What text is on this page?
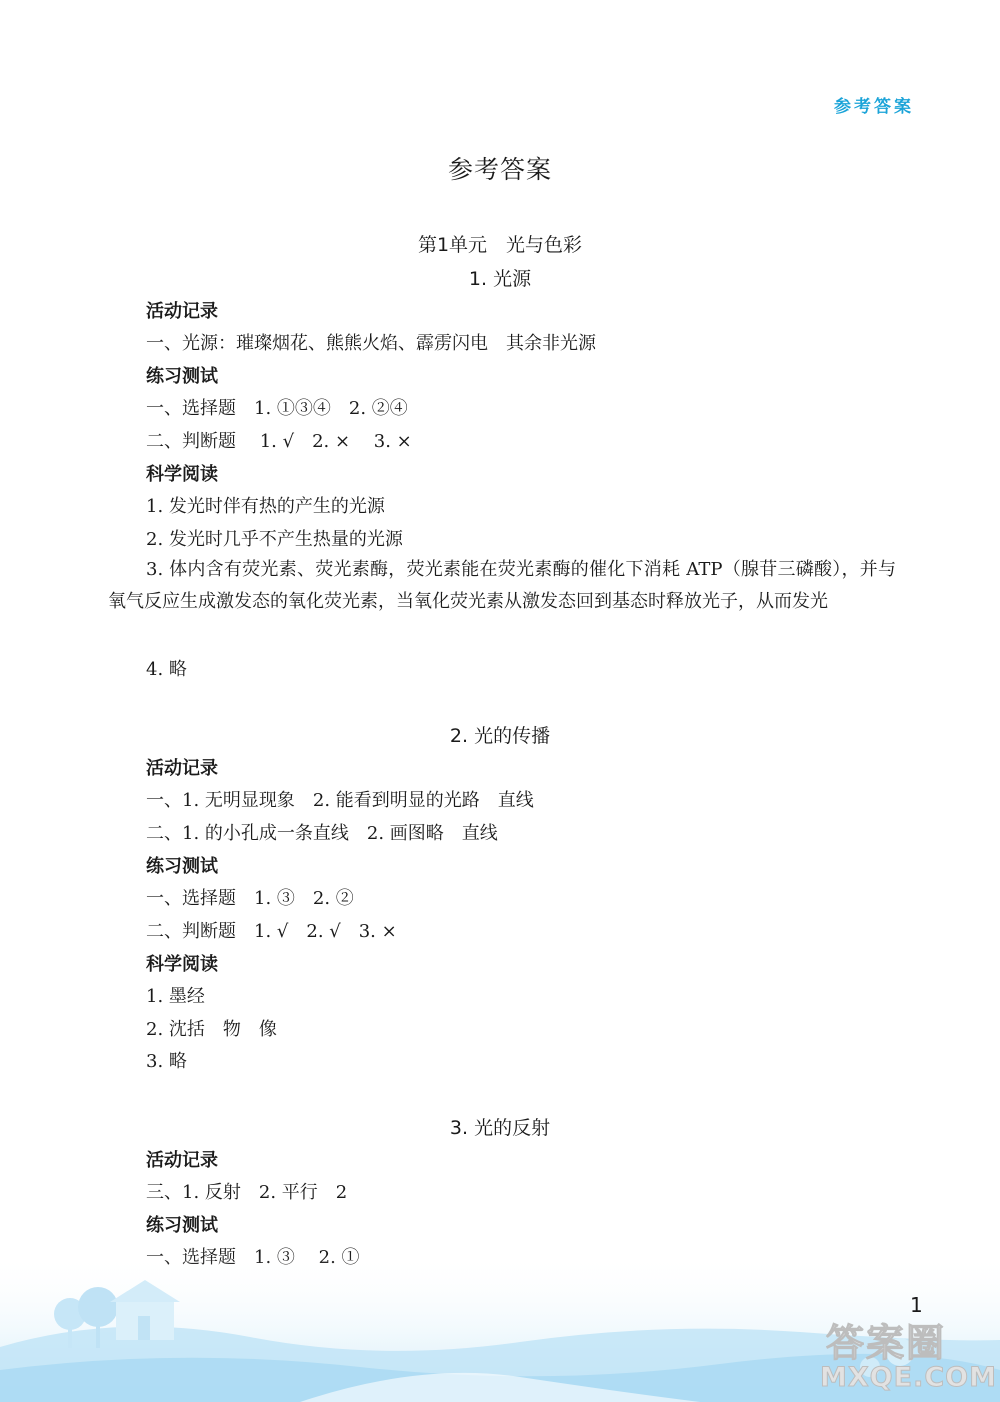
参考答案
参考答案
第1单元　光与色彩
1. 光源
活动记录
一、光源：璀璨烟花、熊熊火焰、霹雳闪电　其余非光源
练习测试
一、选择题　1. ①③④　2. ②④
二、判断题　 1. √　2. ×　 3. ×
科学阅读
1. 发光时伴有热的产生的光源
2. 发光时几乎不产生热量的光源
3. 体内含有荧光素、荧光素酶，荧光素能在荧光素酶的催化下消耗 ATP（腺苷三磷酸），并与氧气反应生成激发态的氧化荧光素，当氧化荧光素从激发态回到基态时释放光子，从而发光
4. 略
2. 光的传播
活动记录
一、1. 无明显现象　2. 能看到明显的光路　直线
二、1. 的小孔成一条直线　2. 画图略　直线
练习测试
一、选择题　1. ③　2. ②
二、判断题　1. √　2. √　3. ×
科学阅读
1. 墨经
2. 沈括　物　像
3. 略
3. 光的反射
活动记录
三、1. 反射　2. 平行　2
练习测试
1
答案圈
MXQE.COM
